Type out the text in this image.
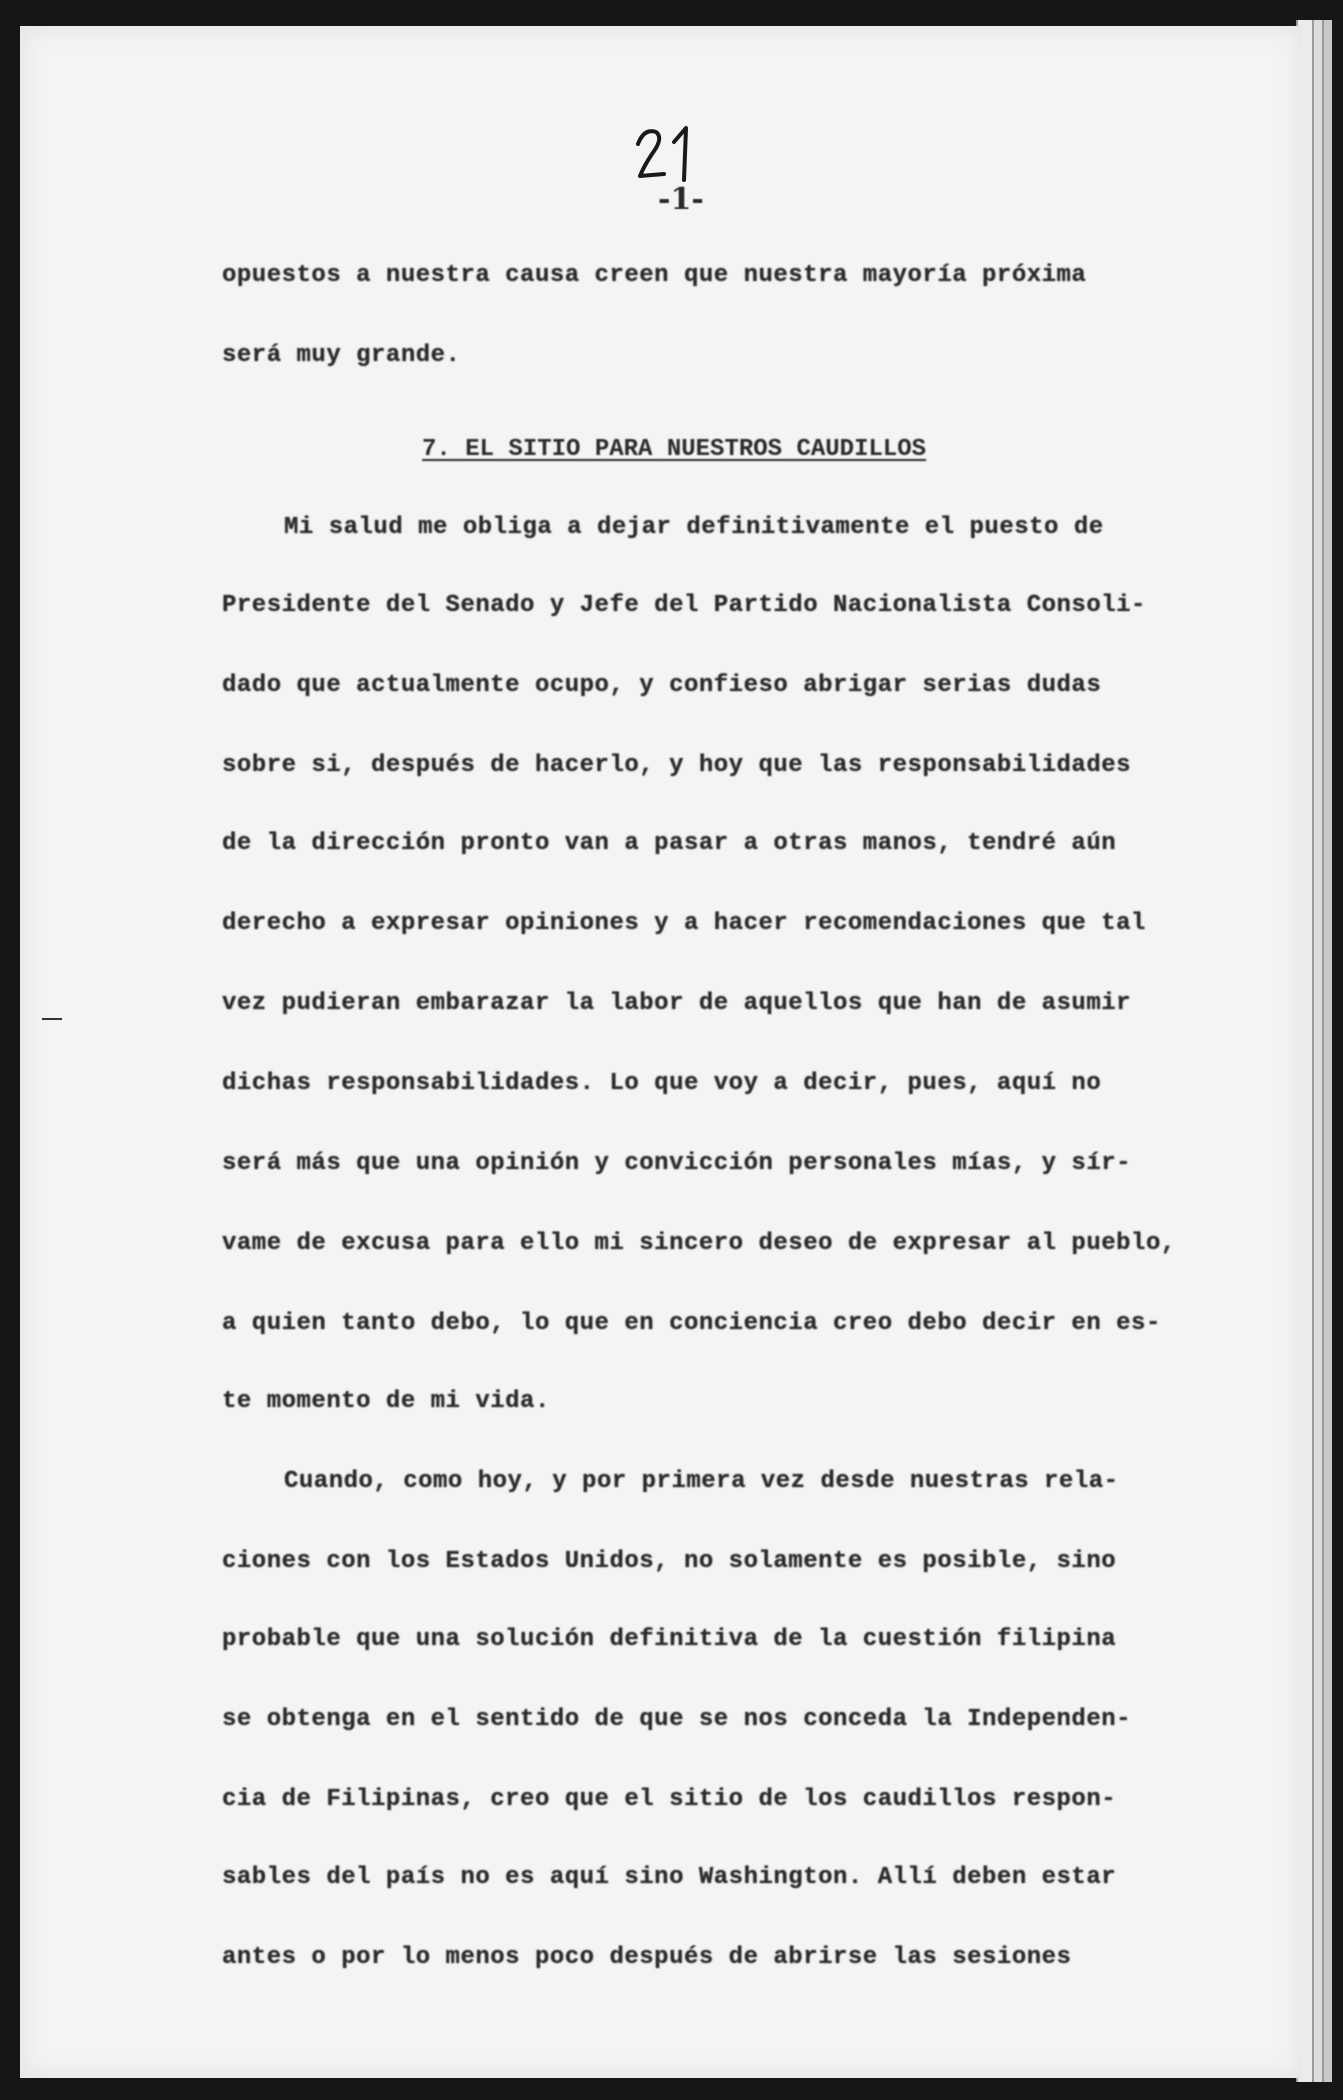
-1-
opuestos a nuestra causa creen que nuestra mayoría próxima
será muy grande.
7. EL SITIO PARA NUESTROS CAUDILLOS
Mi salud me obliga a dejar definitivamente el puesto de
Presidente del Senado y Jefe del Partido Nacionalista Consoli-
dado que actualmente ocupo, y confieso abrigar serias dudas
sobre si, después de hacerlo, y hoy que las responsabilidades
de la dirección pronto van a pasar a otras manos, tendré aún
derecho a expresar opiniones y a hacer recomendaciones que tal
vez pudieran embarazar la labor de aquellos que han de asumir
dichas responsabilidades. Lo que voy a decir, pues, aquí no
será más que una opinión y convicción personales mías, y sír-
vame de excusa para ello mi sincero deseo de expresar al pueblo,
a quien tanto debo, lo que en conciencia creo debo decir en es-
te momento de mi vida.
Cuando, como hoy, y por primera vez desde nuestras rela-
ciones con los Estados Unidos, no solamente es posible, sino
probable que una solución definitiva de la cuestión filipina
se obtenga en el sentido de que se nos conceda la Independen-
cia de Filipinas, creo que el sitio de los caudillos respon-
sables del país no es aquí sino Washington. Allí deben estar
antes o por lo menos poco después de abrirse las sesiones
